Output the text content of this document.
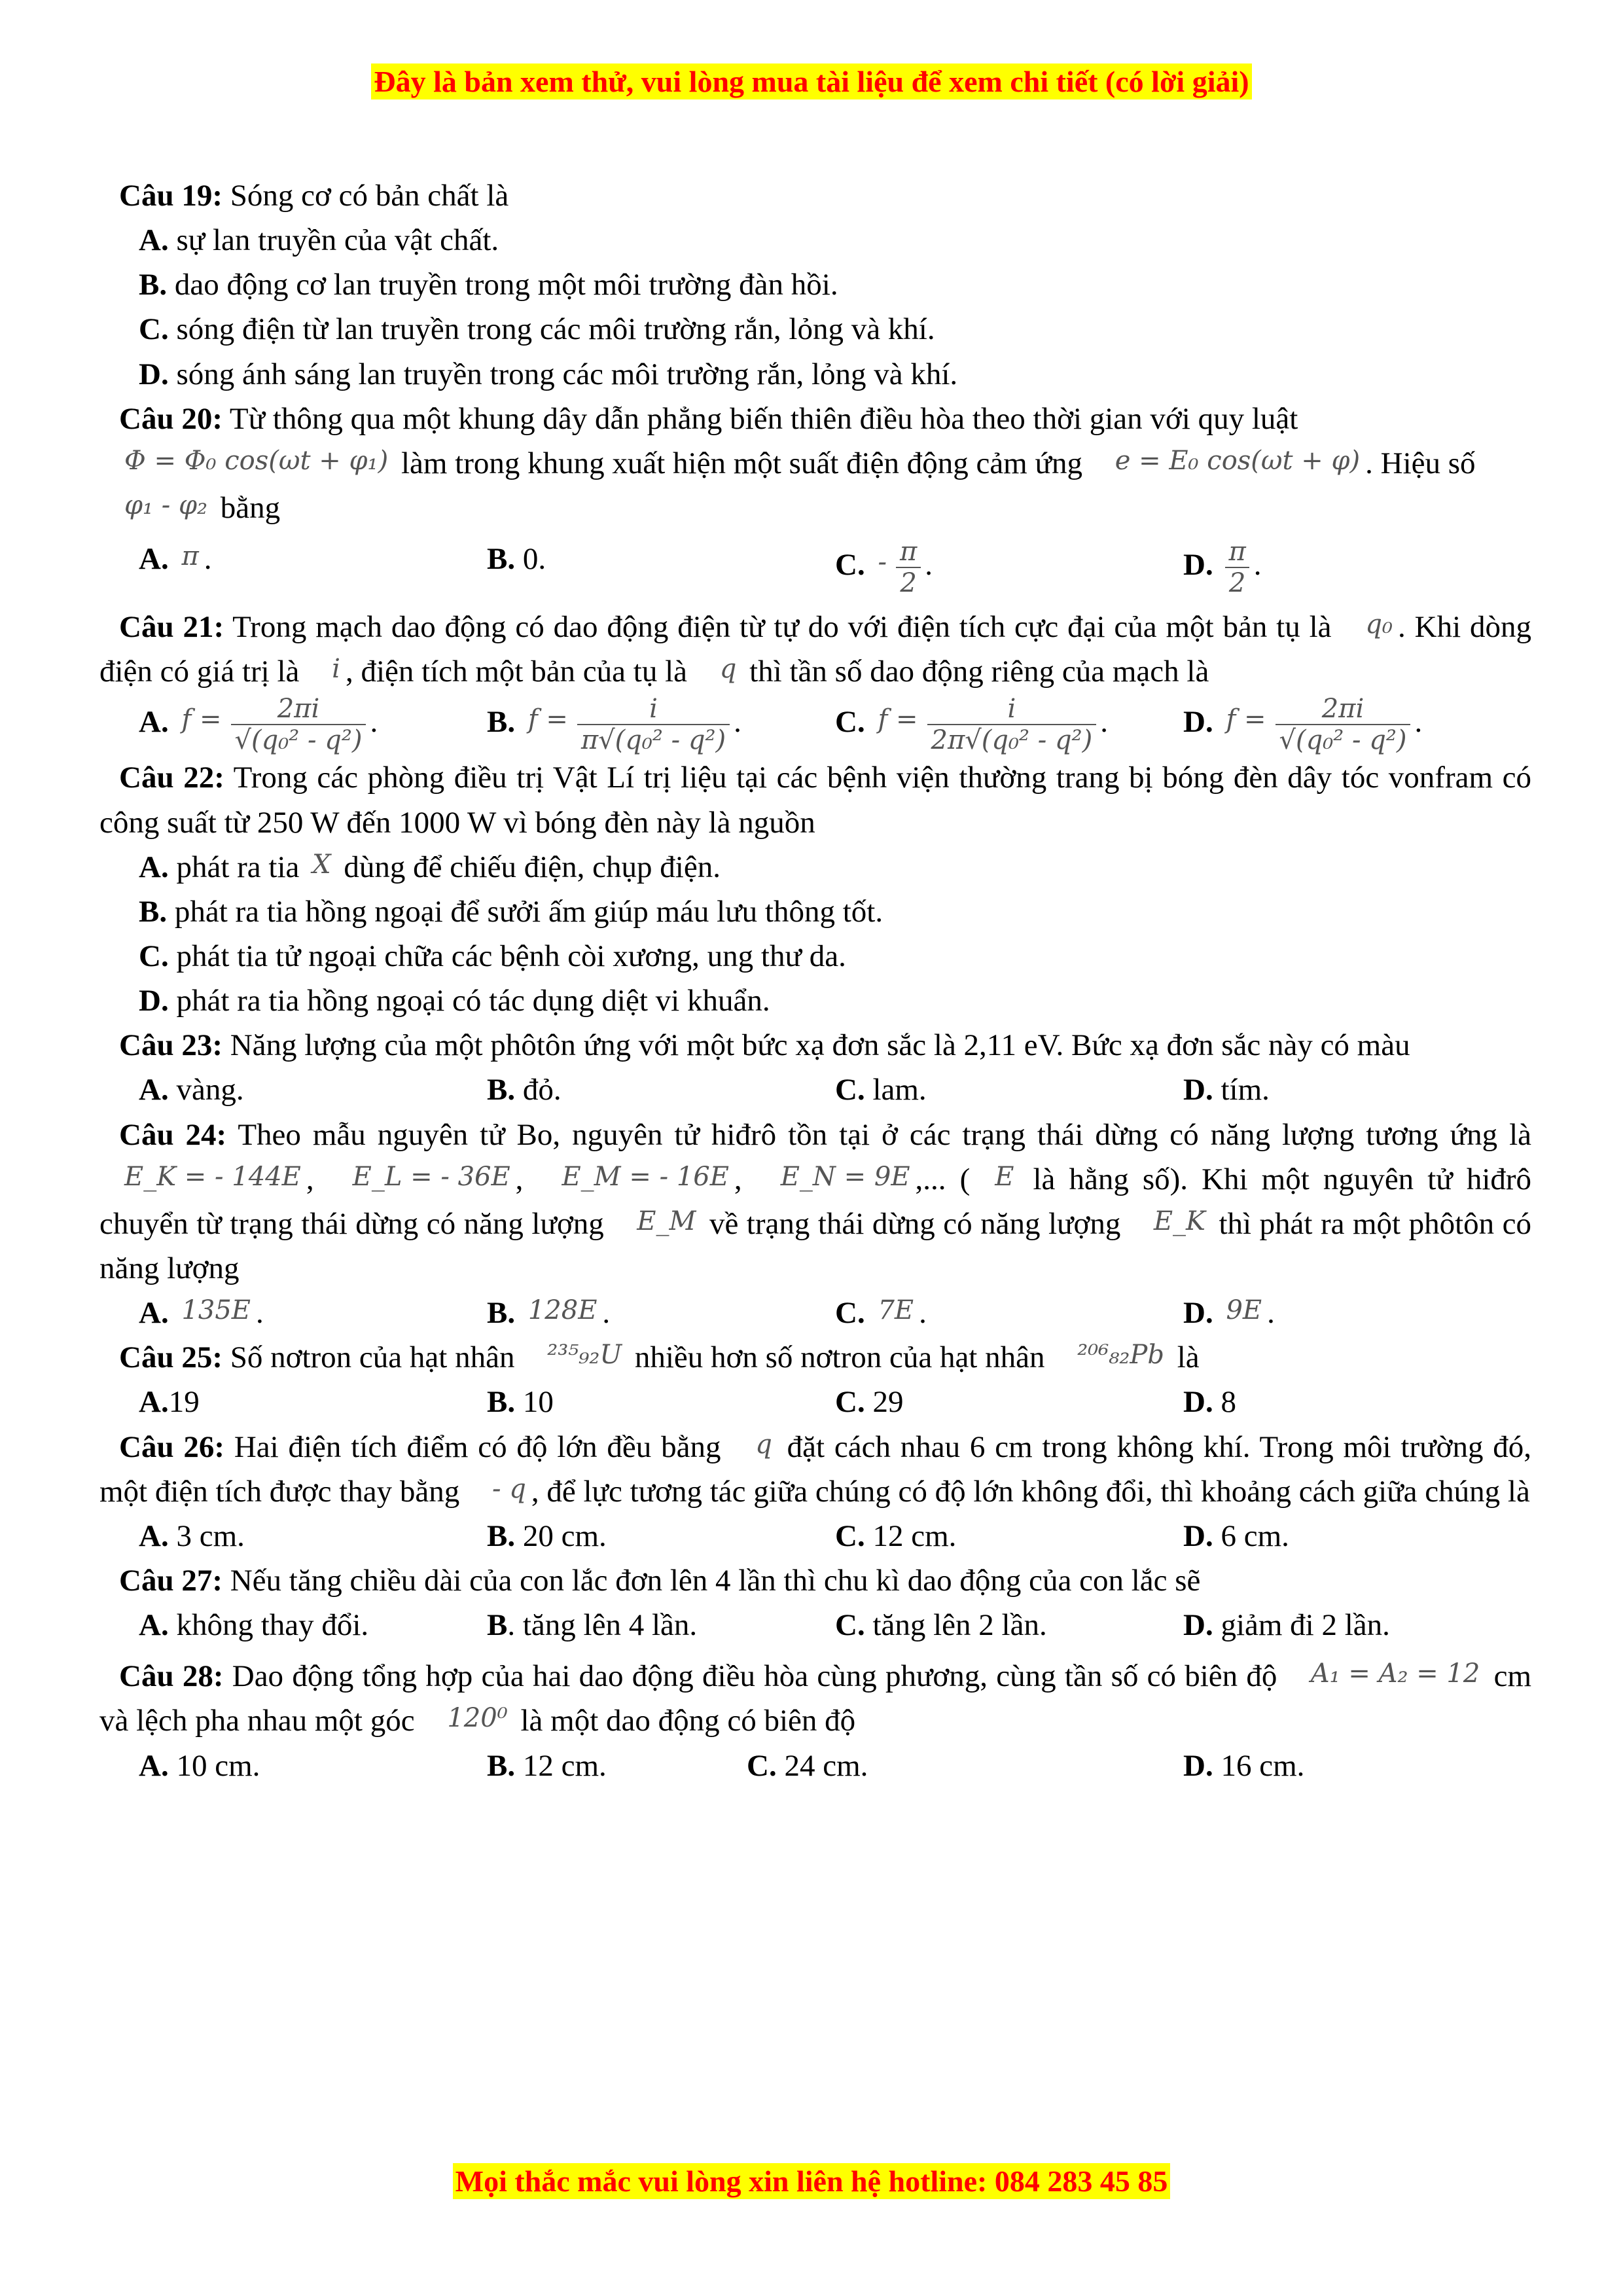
Đây là bản xem thử, vui lòng mua tài liệu để xem chi tiết (có lời giải)

Câu 19: Sóng cơ có bản chất là

A. sự lan truyền của vật chất.

B. dao động cơ lan truyền trong một môi trường đàn hồi.

C. sóng điện từ lan truyền trong các môi trường rắn, lỏng và khí.

D. sóng ánh sáng lan truyền trong các môi trường rắn, lỏng và khí.

Câu 20: Từ thông qua một khung dây dẫn phẳng biến thiên điều hòa theo thời gian với quy luật
Φ = Φ₀ cos(ωt + φ₁) làm trong khung xuất hiện một suất điện động cảm ứng e = E₀ cos(ωt + φ) . Hiệu số
φ₁ - φ₂ bằng

A. π .	B. 0.	C. - $\frac{\pi}{2}$ .	D. $\frac{\pi}{2}$ .

Câu 21: Trong mạch dao động có dao động điện từ tự do với điện tích cực đại của một bản tụ là q₀ . Khi dòng điện có giá trị là i , điện tích một bản của tụ là q thì tần số dao động riêng của mạch là

A. $f = \frac{2\pi i}{\text{√(q₀² - q²)}}$ .	B. $f = \frac{i}{\text{π√(q₀² - q²)}}$ .	C. $f = \frac{i}{\text{2π√(q₀² - q²)}}$ .	D. $f = \frac{2\pi i}{\text{√(q₀² - q²)}}$ .

Câu 22: Trong các phòng điều trị Vật Lí trị liệu tại các bệnh viện thường trang bị bóng đèn dây tóc vonfram có công suất từ 250 W đến 1000 W vì bóng đèn này là nguồn

A. phát ra tia X dùng để chiếu điện, chụp điện.

B. phát ra tia hồng ngoại để sưởi ấm giúp máu lưu thông tốt.

C. phát tia tử ngoại chữa các bệnh còi xương, ung thư da.

D. phát ra tia hồng ngoại có tác dụng diệt vi khuẩn.

Câu 23: Năng lượng của một phôtôn ứng với một bức xạ đơn sắc là 2,11 eV. Bức xạ đơn sắc này có màu

A. vàng.	B. đỏ.	C. lam.	D. tím.

Câu 24: Theo mẫu nguyên tử Bo, nguyên tử hiđrô tồn tại ở các trạng thái dừng có năng lượng tương ứng là E_K = - 144E , E_L = - 36E , E_M = - 16E , E_N = 9E ,... ( E là hằng số). Khi một nguyên tử hiđrô chuyển từ trạng thái dừng có năng lượng E_M về trạng thái dừng có năng lượng E_K thì phát ra một phôtôn có năng lượng

A. 135E .	B. 128E .	C. 7E .	D. 9E .

Câu 25: Số nơtron của hạt nhân ²³⁵₉₂U nhiều hơn số nơtron của hạt nhân ²⁰⁶₈₂Pb là

A.19	B. 10	C. 29	D. 8

Câu 26: Hai điện tích điểm có độ lớn đều bằng q đặt cách nhau 6 cm trong không khí. Trong môi trường đó, một điện tích được thay bằng - q , để lực tương tác giữa chúng có độ lớn không đổi, thì khoảng cách giữa chúng là

A. 3 cm.	B. 20 cm.	C. 12 cm.	D. 6 cm.

Câu 27: Nếu tăng chiều dài của con lắc đơn lên 4 lần thì chu kì dao động của con lắc sẽ

A. không thay đổi.	B. tăng lên 4 lần.	C. tăng lên 2 lần.	D. giảm đi 2 lần.

Câu 28: Dao động tổng hợp của hai dao động điều hòa cùng phương, cùng tần số có biên độ A₁ = A₂ = 12 cm và lệch pha nhau một góc 120⁰ là một dao động có biên độ

A. 10 cm.	B. 12 cm.	C. 24 cm.	D. 16 cm.
Mọi thắc mắc vui lòng xin liên hệ hotline: 084 283 45 85
